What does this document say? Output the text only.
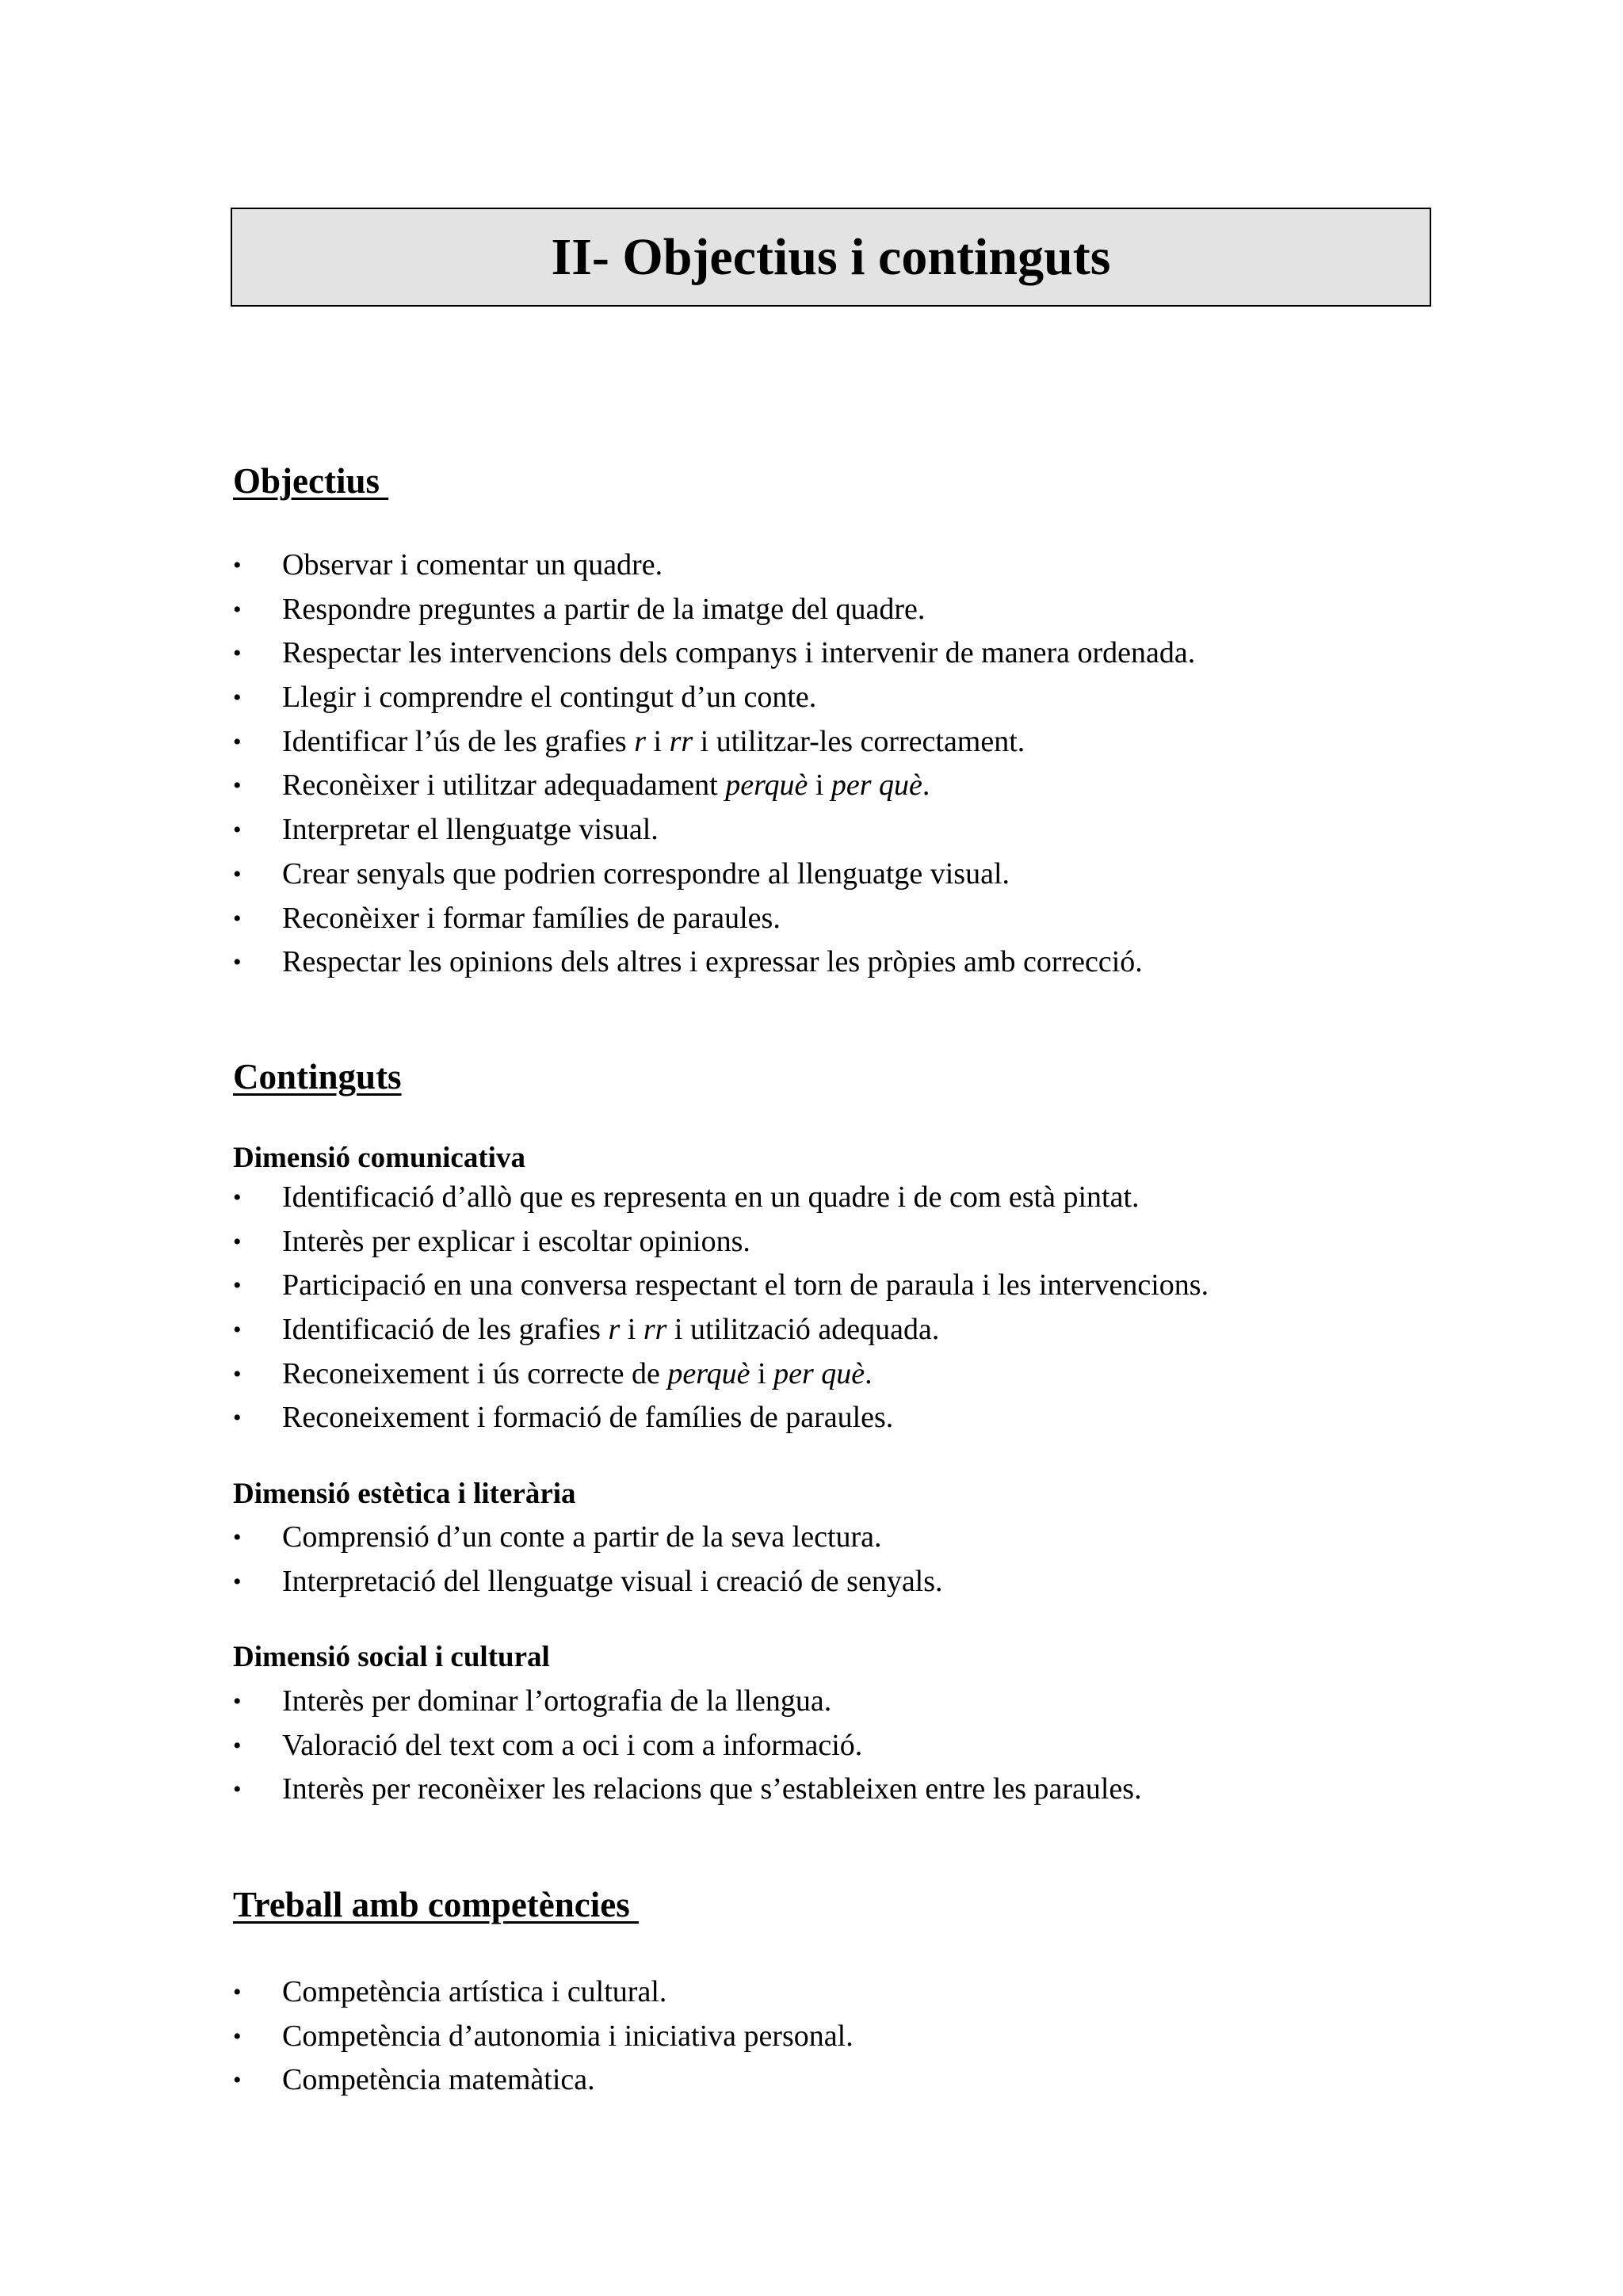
II- Objectius i continguts
Objectius
• Observar i comentar un quadre.
• Respondre preguntes a partir de la imatge del quadre.
• Respectar les intervencions dels companys i intervenir de manera ordenada.
• Llegir i comprendre el contingut d’un conte.
• Identificar l’ús de les grafies r i rr i utilitzar-les correctament.
• Reconèixer i utilitzar adequadament perquè i per què.
• Interpretar el llenguatge visual.
• Crear senyals que podrien correspondre al llenguatge visual.
• Reconèixer i formar famílies de paraules.
• Respectar les opinions dels altres i expressar les pròpies amb correcció.
Continguts
Dimensió comunicativa
• Identificació d’allò que es representa en un quadre i de com està pintat.
• Interès per explicar i escoltar opinions.
• Participació en una conversa respectant el torn de paraula i les intervencions.
• Identificació de les grafies r i rr i utilització adequada.
• Reconeixement i ús correcte de perquè i per què.
• Reconeixement i formació de famílies de paraules.
Dimensió estètica i literària
• Comprensió d’un conte a partir de la seva lectura.
• Interpretació del llenguatge visual i creació de senyals.
Dimensió social i cultural
• Interès per dominar l’ortografia de la llengua.
• Valoració del text com a oci i com a informació.
• Interès per reconèixer les relacions que s’estableixen entre les paraules.
Treball amb competències
• Competència artística i cultural.
• Competència d’autonomia i iniciativa personal.
• Competència matemàtica.
